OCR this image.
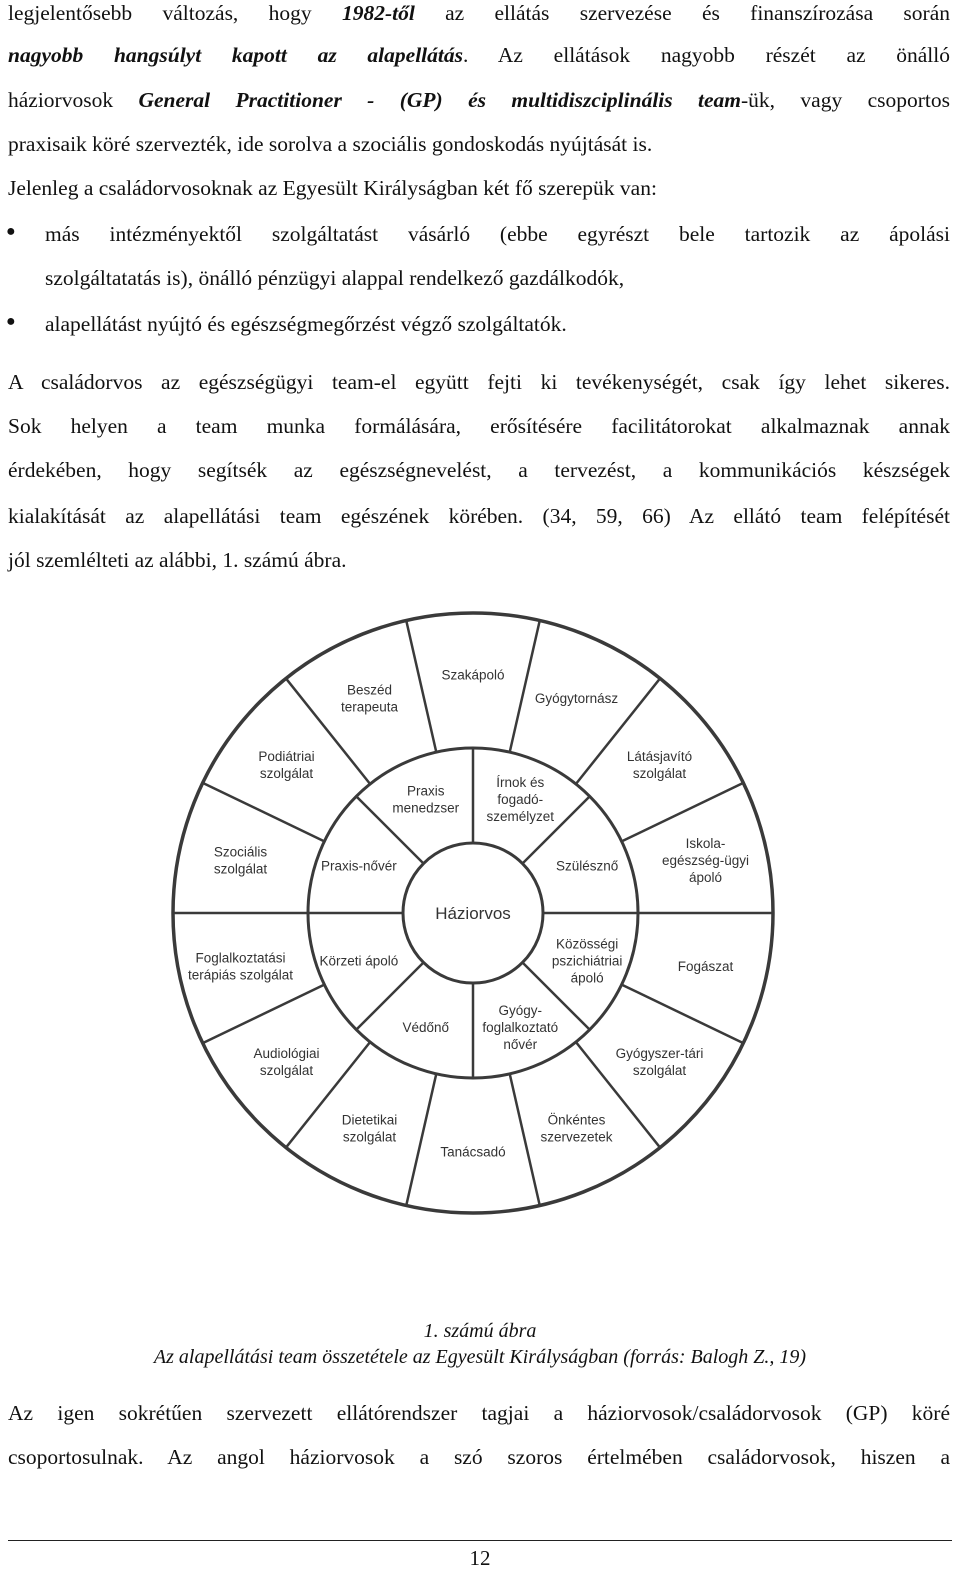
legjelentősebb változás, hogy 1982-től az ellátás szervezése és finanszírozása során
nagyobb hangsúlyt kapott az alapellátás. Az ellátások nagyobb részét az önálló
háziorvosok General Practitioner - (GP) és multidiszciplinális team-ük, vagy csoportos
praxisaik köré szervezték, ide sorolva a szociális gondoskodás nyújtását is.
Jelenleg a családorvosoknak az Egyesült Királyságban két fő szerepük van:
● más intézményektől szolgáltatást vásárló (ebbe egyrészt bele tartozik az ápolási
szolgáltatatás is), önálló pénzügyi alappal rendelkező gazdálkodók,
● alapellátást nyújtó és egészségmegőrzést végző szolgáltatók.
A családorvos az egészségügyi team-el együtt fejti ki tevékenységét, csak így lehet sikeres.
Sok helyen a team munka formálására, erősítésére facilitátorokat alkalmaznak annak
érdekében, hogy segítsék az egészségnevelést, a tervezést, a kommunikációs készségek
kialakítását az alapellátási team egészének körében. (34, 59, 66) Az ellátó team felépítését
jól szemlélteti az alábbi, 1. számú ábra.
Háziorvos
Írnok és fogadó-személyzet
Szülésznő
Közösségi pszichiátriai ápoló
Gyógy-foglalkoztató nővér
Védőnő
Körzeti ápoló
Praxis-nővér
Praxis menedzser
Gyógytornász
Látásjavító szolgálat
Iskola-egészség-ügyi ápoló
Fogászat
Gyógyszer-tári szolgálat
Önkéntes szervezetek
Tanácsadó
Dietetikai szolgálat
Audiológiai szolgálat
Foglalkoztatási terápiás szolgálat
Szociális szolgálat
Podiátriai szolgálat
Beszéd terapeuta
Szakápoló
1. számú ábra
Az alapellátási team összetétele az Egyesült Királyságban (forrás: Balogh Z., 19)
Az igen sokrétűen szervezett ellátórendszer tagjai a háziorvosok/családorvosok (GP) köré
csoportosulnak. Az angol háziorvosok a szó szoros értelmében családorvosok, hiszen a
12
